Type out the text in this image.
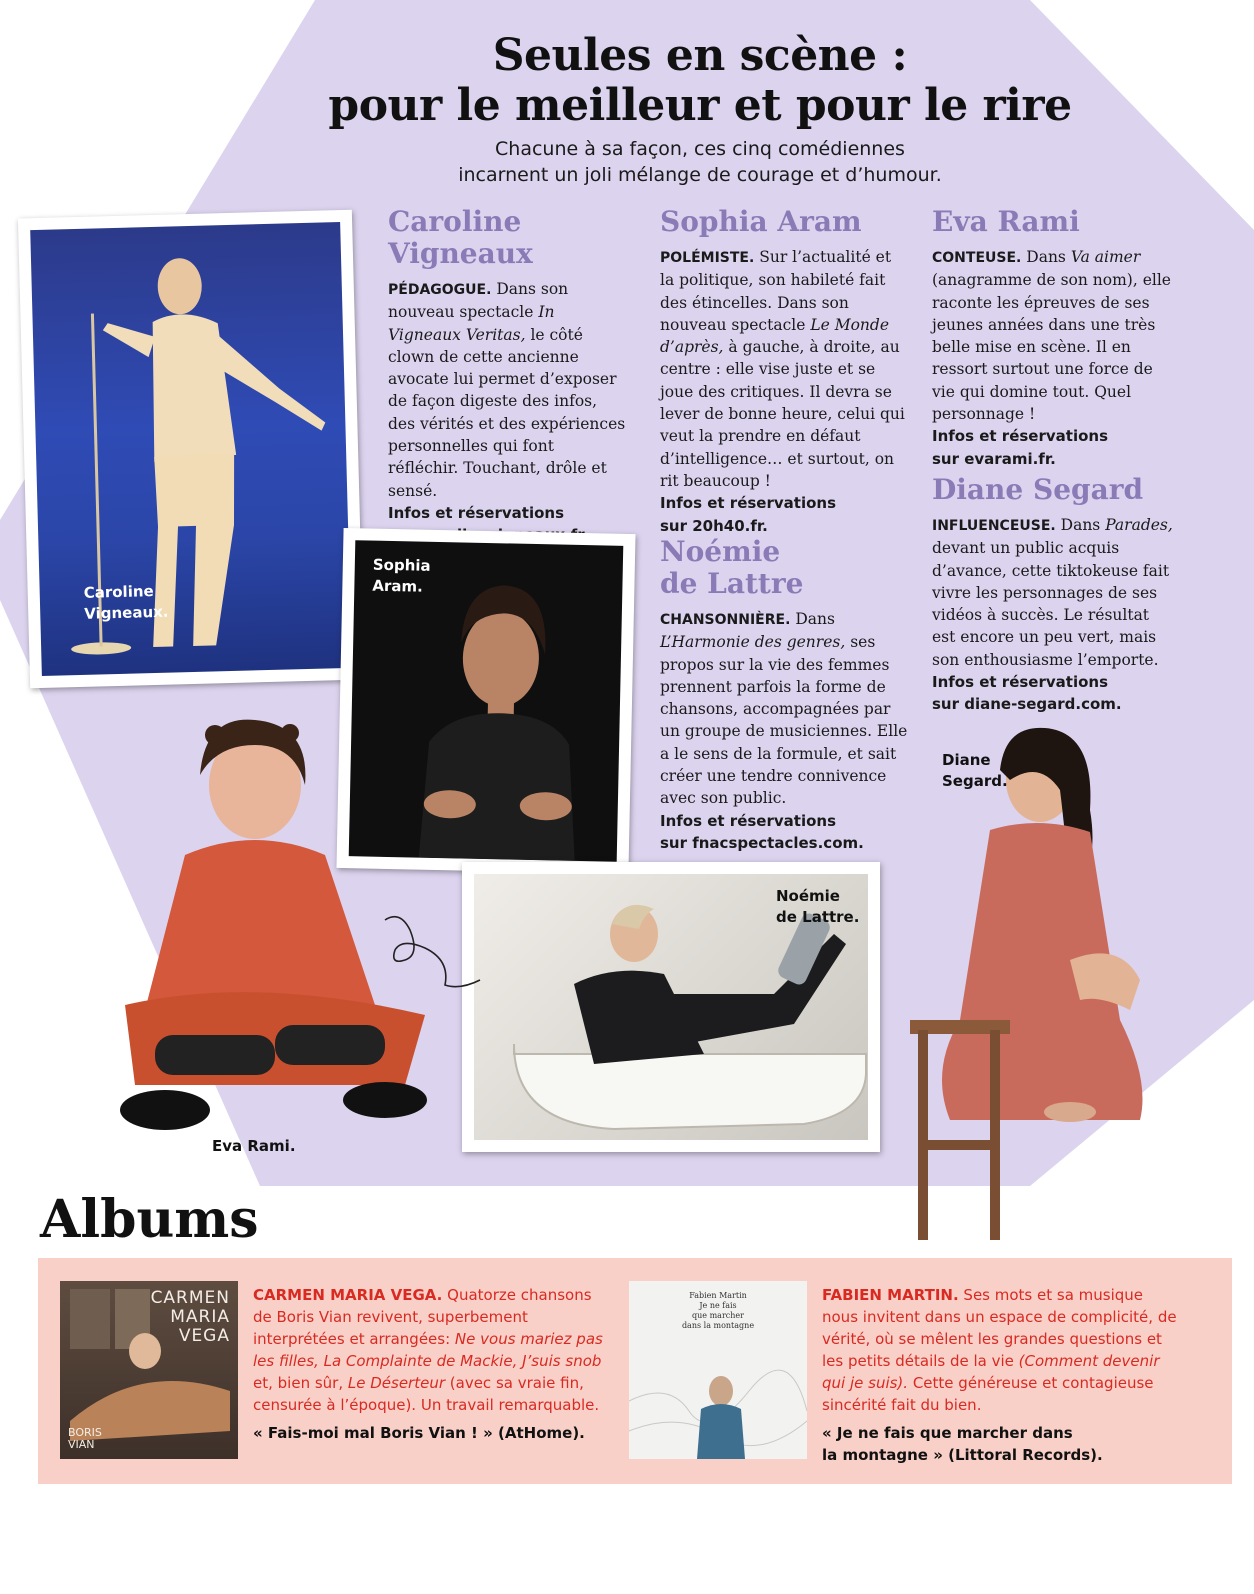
Seules en scène :
pour le meilleur et pour le rire

Chacune à sa façon, ces cinq comédiennes
incarnent un joli mélange de courage et d’humour.

Caroline
Vigneaux

PÉDAGOGUE. Dans son nouveau spectacle In Vigneaux Veritas, le côté clown de cette ancienne avocate lui permet d’exposer de façon digeste des infos, des vérités et des expériences personnelles qui font réfléchir. Touchant, drôle et sensé.
Infos et réservations

Sophia Aram

POLÉMISTE. Sur l’actualité et la politique, son habileté fait des étincelles. Dans son nouveau spectacle Le Monde d’après, à gauche, à droite, au centre : elle vise juste et se joue des critiques. Il devra se lever de bonne heure, celui qui veut la prendre en défaut d’intelligence… et surtout, on rit beaucoup !
Infos et réservations
sur 20h40.fr.

Noémie
de Lattre

CHANSONNIÈRE. Dans L’Harmonie des genres, ses propos sur la vie des femmes prennent parfois la forme de chansons, accompagnées par un groupe de musiciennes. Elle a le sens de la formule, et sait créer une tendre connivence avec son public.
Infos et réservations
sur fnacspectacles.com.

Eva Rami

CONTEUSE. Dans Va aimer (anagramme de son nom), elle raconte les épreuves de ses jeunes années dans une très belle mise en scène. Il en ressort surtout une force de vie qui domine tout. Quel personnage !
Infos et réservations
sur evarami.fr.

Diane Segard

INFLUENCEUSE. Dans Parades, devant un public acquis d’avance, cette tiktokeuse fait vivre les personnages de ses vidéos à succès. Le résultat est encore un peu vert, mais son enthousiasme l’emporte.
Infos et réservations
sur diane-segard.com.

Caroline
Vigneaux.
Sophia
Aram.
Noémie
de Lattre.
Eva Rami.
Diane
Segard.
Albums
CARMEN
MARIA
VEGA
BORIS
VIAN

CARMEN MARIA VEGA. Quatorze chansons de Boris Vian revivent, superbement interprétées et arrangées: Ne vous mariez pas les filles, La Complainte de Mackie, J’suis snob et, bien sûr, Le Déserteur (avec sa vraie fin, censurée à l’époque). Un travail remarquable.
« Fais-moi mal Boris Vian ! » (AtHome).

Fabien Martin
Je ne fais
que marcher
dans la montagne

FABIEN MARTIN. Ses mots et sa musique nous invitent dans un espace de complicité, de vérité, où se mêlent les grandes questions et les petits détails de la vie (Comment devenir qui je suis). Cette généreuse et contagieuse sincérité fait du bien.
« Je ne fais que marcher dans
la montagne » (Littoral Records).
